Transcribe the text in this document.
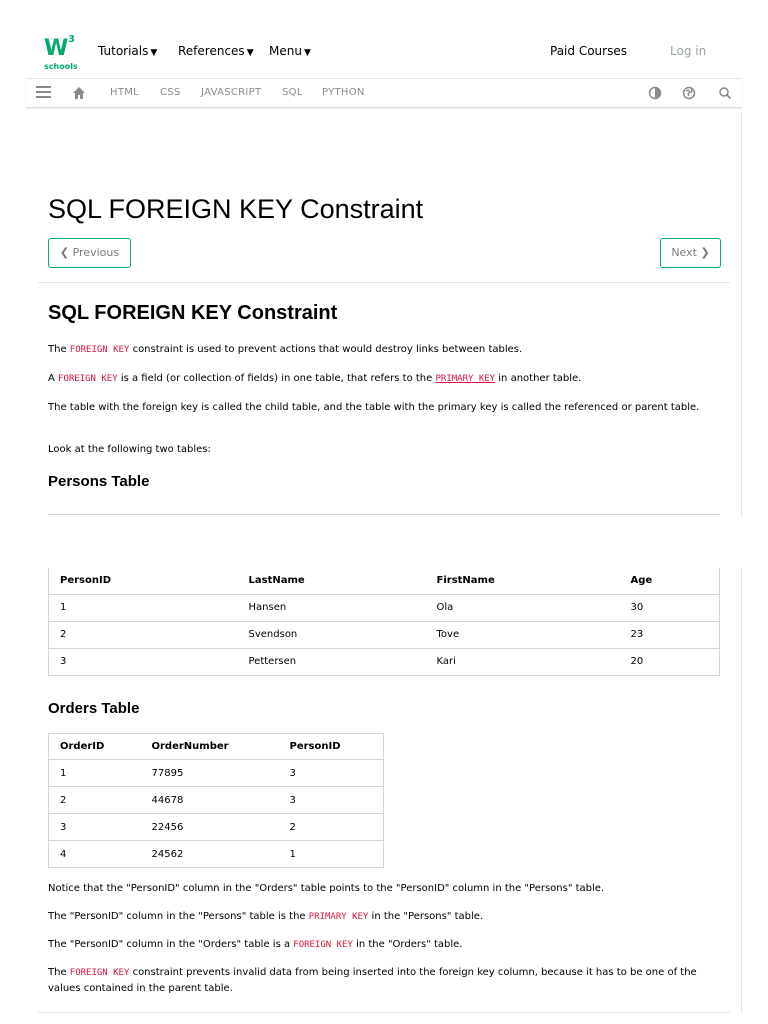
W 3
schools
Tutorials ▼ References ▼ Menu ▼	Paid Courses	Log in
HTML CSS JAVASCRIPT SQL PYTHON
SQL FOREIGN KEY Constraint
❮ Previous	Next ❯
SQL FOREIGN KEY Constraint

The FOREIGN KEY constraint is used to prevent actions that would destroy links between tables.

A FOREIGN KEY is a field (or collection of fields) in one table, that refers to the PRIMARY KEY in another table.

The table with the foreign key is called the child table, and the table with the primary key is called the referenced or parent table.

Look at the following two tables:

Persons Table
PersonID	LastName	FirstName	Age
1	Hansen	Ola	30
2	Svendson	Tove	23
3	Pettersen	Kari	20
Orders Table
OrderID	OrderNumber	PersonID
1	77895	3
2	44678	3
3	22456	2
4	24562	1

Notice that the "PersonID" column in the "Orders" table points to the "PersonID" column in the "Persons" table.

The "PersonID" column in the "Persons" table is the PRIMARY KEY in the "Persons" table.

The "PersonID" column in the "Orders" table is a FOREIGN KEY in the "Orders" table.

The FOREIGN KEY constraint prevents invalid data from being inserted into the foreign key column, because it has to be one of the values contained in the parent table.
